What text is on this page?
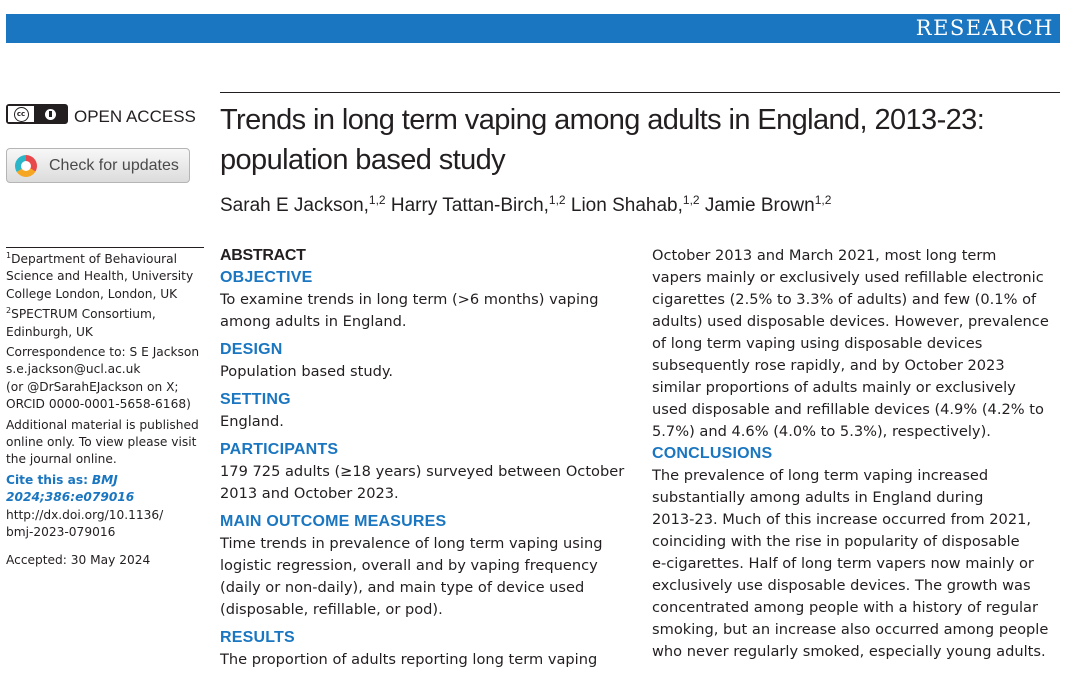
RESEARCH
cc	OPEN ACCESS
Check for updates

$^1$Department of Behavioural
Science and Health, University
College London, London, UK

$^2$SPECTRUM Consortium,
Edinburgh, UK

Correspondence to: S E Jackson
s.e.jackson@ucl.ac.uk
(or @DrSarahEJackson on X;
ORCID 0000-0001-5658-6168)

Additional material is published
online only. To view please visit
the journal online.

Cite this as: BMJ 2024;386:e079016
http://dx.doi.org/10.1136/
bmj-2023-079016

Accepted: 30 May 2024

Trends in long term vaping among adults in England, 2013-23:
population based study
Sarah E Jackson,$^{1,2}$ Harry Tattan-Birch,$^{1,2}$ Lion Shahab,$^{1,2}$ Jamie Brown$^{1,2}$
ABSTRACT
OBJECTIVE
To examine trends in long term (>6 months) vaping
among adults in England.
DESIGN
Population based study.
SETTING
England.
PARTICIPANTS
179 725 adults (≥18 years) surveyed between October
2013 and October 2023.
MAIN OUTCOME MEASURES
Time trends in prevalence of long term vaping using
logistic regression, overall and by vaping frequency
(daily or non-daily), and main type of device used
(disposable, refillable, or pod).
RESULTS
The proportion of adults reporting long term vaping
October 2013 and March 2021, most long term
vapers mainly or exclusively used refillable electronic
cigarettes (2.5% to 3.3% of adults) and few (0.1% of
adults) used disposable devices. However, prevalence
of long term vaping using disposable devices
subsequently rose rapidly, and by October 2023
similar proportions of adults mainly or exclusively
used disposable and refillable devices (4.9% (4.2% to
5.7%) and 4.6% (4.0% to 5.3%), respectively).
CONCLUSIONS
The prevalence of long term vaping increased
substantially among adults in England during
2013-23. Much of this increase occurred from 2021,
coinciding with the rise in popularity of disposable
e-cigarettes. Half of long term vapers now mainly or
exclusively use disposable devices. The growth was
concentrated among people with a history of regular
smoking, but an increase also occurred among people
who never regularly smoked, especially young adults.
